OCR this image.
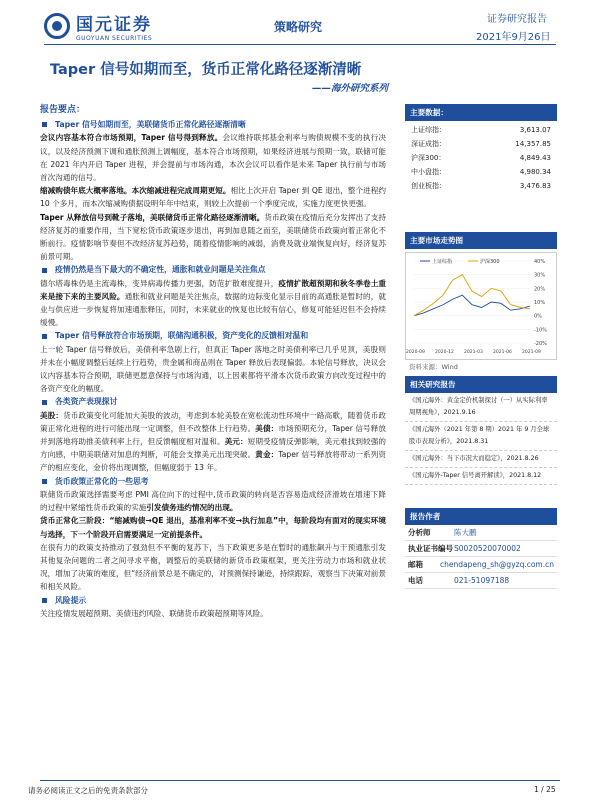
国元证券
GUOYUAN SECURITIES
策略研究
证券研究报告
2021年9月26日
Taper 信号如期而至，货币正常化路径逐渐清晰
——海外研究系列
报告要点：
Taper 信号如期而至，美联储货币正常化路径逐渐清晰
会议内容基本符合市场预期，Taper 信号得到释放。会议维持联邦基金利率与购债规模不变的执行决议，以及经济预测下调和通胀预测上调幅度，基本符合市场预期，如果经济进展与预期一致，联储可能在 2021 年内开启 Taper 进程，并会提前与市场沟通，本次会议可以看作是未来 Taper 执行前与市场首次沟通的信号。
缩减购债年底大概率落地。本次缩减进程完成周期更短。相比上次开启 Taper 到 QE 退出，整个进程约 10 个多月，而本次缩减购债据设明年年中结束，则较上次提前一个季度完成，实施力度更快更强。
Taper 从释放信号到靴子落地，美联储货币正常化路径逐渐清晰。货币政策在疫情后充分发挥出了支持经济复苏的重要作用，当下宽松货币政策逐步退出，再到加息随之而至，美联储货币政策向着正常化不断前行。疫情影响节奏但不改经济复苏趋势，随着疫情影响的减弱，消费及就业端恢复向好，经济复苏前景可期。
疫情仍然是当下最大的不确定性，通胀和就业问题是关注焦点
德尔塔毒株仍是主流毒株，变异病毒传播力更强，防范扩散难度提升，疫情扩散超预期和秋冬季卷土重来是接下来的主要风险。通胀和就业问题是关注焦点，数据的边际变化显示目前的高通胀是暂时的，就业与供应进一步恢复将加速通胀释压，同时，未来就业的恢复也比较有信心，修复可能延迟但不会持续缓慢。
Taper 信号释放符合市场预期，联储沟通积极，资产变化的反馈相对温和
上一轮 Taper 信号释放后，美债利率急剧上行，但真正 Taper 落地之时美债利率已几乎见顶，美股则并未在小幅度调整后延续上行趋势，贵金属和商品则在 Taper 释放后表现偏弱。本轮信号释放，决议会议内容基本符合预期，联储更愿意保持与市场沟通，以上因素都将平滑本次货币政策方向改变过程中的各资产变化的幅度。
各类资产表现探讨
美股：货币政策变化可能加大美股的波动，考虑到本轮美股在宽松流动性环境中一路高歌，随着货币政策正常化进程的进行可能出现一定调整，但不改整体上行趋势。美债：市场预期充分，Taper 信号释放并到落地将助推美债利率上行，但反馈幅度相对温和。美元：短期受疫情反弹影响，美元难找到较强的方向感，中期美联储对加息的判断，可能会支撑美元出现突破。黄金：Taper 信号释放将带动一系列资产的相应变化，金价将出现调整，但幅度弱于 13 年。
货币政策正常化的一些思考
联储货币政策选择需要考虑 PMI 高位向下的过程中,货币政策的转向是否容易造成经济滑坡在增速下降的过程中紧缩性货币政策的实施引发债务违约情况的出现。
货币正常化三阶段：“缩减购债→QE 退出，基准利率不变→执行加息”中，每阶段均有面对的现实环境与选择，下一个阶段开启需要满足一定前提条件。
在很有力的政策支持推动了强劲但不平衡的复苏下，当下政策更多是在暂时的通胀飙升与干预通胀引发其他复杂问题的二者之间寻求平衡，调整后的美联储的新货币政策框架，更关注劳动力市场和就业状况，增加了决策的难度，但“经济前景总是不确定的，对预测保持谦逊，持续跟踪，观察当下决策对前景和相关风险。
风险提示
关注疫情发展超预期、美债违约风险、联储货币政策超预期等风险。
主要数据：
上证综指：	3,613.07
深证成指：	14,357.85
沪深300：	4,849.43
中小盘指：	4,980.34
创业板指：	3,476.83
主要市场走势图
40%
30%
20%
10%
0%
-10%
-20%
2020-09 2020-12 2021-03 2021-06 2021-09
上证综指	沪深300
资料来源：Wind
相关研究报告
《国元海外：黄金定价机制探讨（一）从实际利率周期视角》，2021.9.16
《国元海外（2021 年第 8 期）2021 年 9 月全球股市表现分析》，2021.8.31
《国元海外：当下市况大而稳定》，2021.8.26
《国元海外-Taper 信号离开解读》，2021.8.12
报告作者
分析师	陈大鹏
执业证书编号 S0020520070002
邮箱	chendapeng_sh@gyzq.com.cn
电话	021-51097188
请务必阅读正文之后的免责条款部分	1 / 25
